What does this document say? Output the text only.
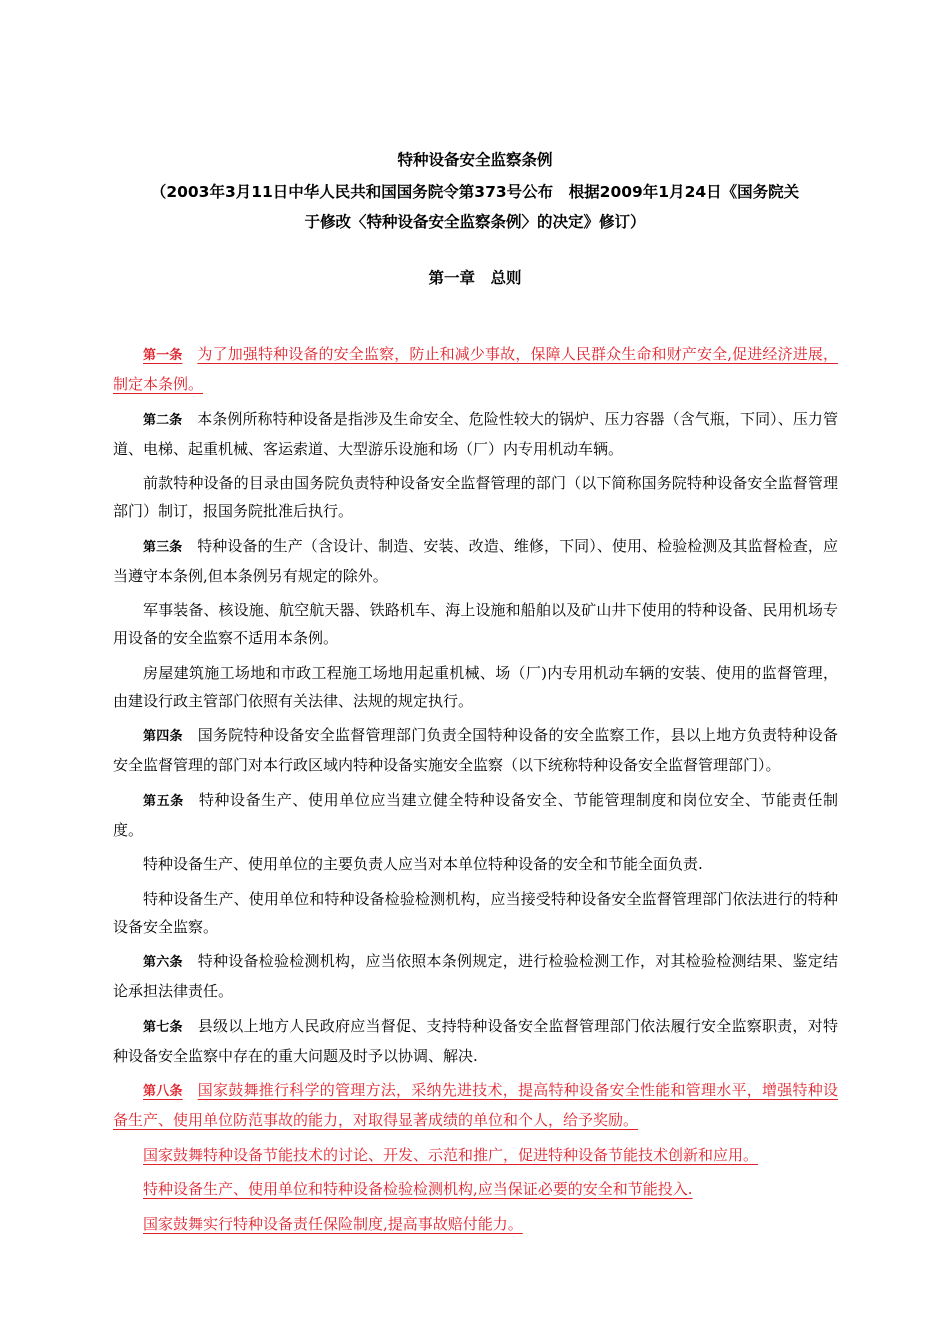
特种设备安全监察条例
（2003年3月11日中华人民共和国国务院令第373号公布　根据2009年1月24日《国务院关
于修改〈特种设备安全监察条例〉的决定》修订）
第一章　总则

第一条 为了加强特种设备的安全监察，防止和减少事故，保障人民群众生命和财产安全,促进经济进展，制定本条例。

第二条 本条例所称特种设备是指涉及生命安全、危险性较大的锅炉、压力容器（含气瓶，下同）、压力管道、电梯、起重机械、客运索道、大型游乐设施和场（厂）内专用机动车辆。

前款特种设备的目录由国务院负责特种设备安全监督管理的部门（以下简称国务院特种设备安全监督管理部门）制订，报国务院批准后执行。

第三条 特种设备的生产（含设计、制造、安装、改造、维修，下同）、使用、检验检测及其监督检查，应当遵守本条例,但本条例另有规定的除外。

军事装备、核设施、航空航天器、铁路机车、海上设施和船舶以及矿山井下使用的特种设备、民用机场专用设备的安全监察不适用本条例。

房屋建筑施工场地和市政工程施工场地用起重机械、场（厂)内专用机动车辆的安装、使用的监督管理，由建设行政主管部门依照有关法律、法规的规定执行。

第四条 国务院特种设备安全监督管理部门负责全国特种设备的安全监察工作，县以上地方负责特种设备安全监督管理的部门对本行政区域内特种设备实施安全监察（以下统称特种设备安全监督管理部门）。

第五条 特种设备生产、使用单位应当建立健全特种设备安全、节能管理制度和岗位安全、节能责任制度。

特种设备生产、使用单位的主要负责人应当对本单位特种设备的安全和节能全面负责.

特种设备生产、使用单位和特种设备检验检测机构，应当接受特种设备安全监督管理部门依法进行的特种设备安全监察。

第六条 特种设备检验检测机构，应当依照本条例规定，进行检验检测工作，对其检验检测结果、鉴定结论承担法律责任。

第七条 县级以上地方人民政府应当督促、支持特种设备安全监督管理部门依法履行安全监察职责，对特种设备安全监察中存在的重大问题及时予以协调、解决.

第八条 国家鼓舞推行科学的管理方法，采纳先进技术，提高特种设备安全性能和管理水平，增强特种设备生产、使用单位防范事故的能力，对取得显著成绩的单位和个人，给予奖励。

国家鼓舞特种设备节能技术的讨论、开发、示范和推广，促进特种设备节能技术创新和应用。

特种设备生产、使用单位和特种设备检验检测机构,应当保证必要的安全和节能投入.

国家鼓舞实行特种设备责任保险制度,提高事故赔付能力。
